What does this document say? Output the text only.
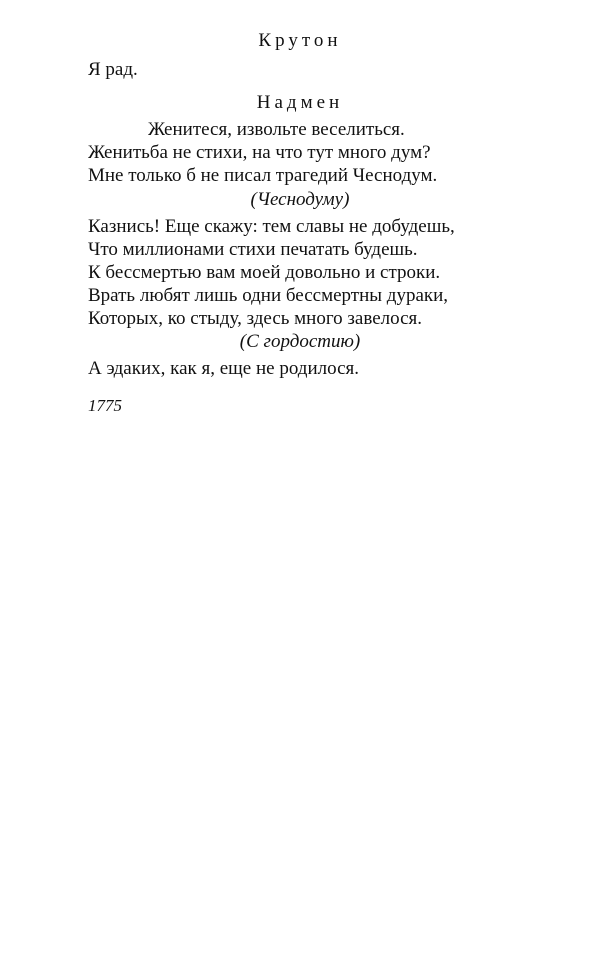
Крутон
Я рад.
Надмен
Женитеся, извольте веселиться.
Женитьба не стихи, на что тут много дум?
Мне только б не писал трагедий Чеснодум.
(Чеснодуму)
Казнись! Еще скажу: тем славы не добудешь,
Что миллионами стихи печатать будешь.
К бессмертью вам моей довольно и строки.
Врать любят лишь одни бессмертны дураки,
Которых, ко стыду, здесь много завелося.
(С гордостию)
А эдаких, как я, еще не родилося.
1775
